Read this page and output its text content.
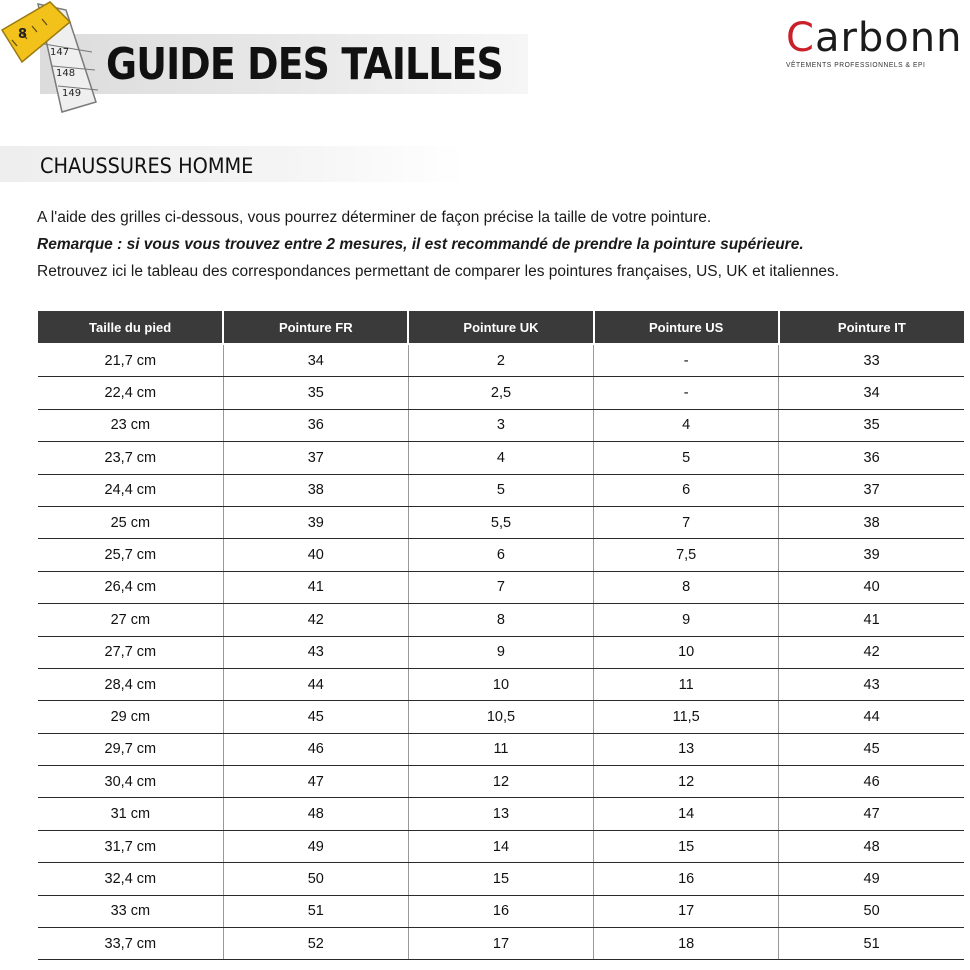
8
147
148
149
GUIDE DES TAILLES
Carbonn
VÊTEMENTS PROFESSIONNELS & EPI
CHAUSSURES HOMME
A l'aide des grilles ci-dessous, vous pourrez déterminer de façon précise la taille de votre pointure.
Remarque : si vous vous trouvez entre 2 mesures, il est recommandé de prendre la pointure supérieure.
Retrouvez ici le tableau des correspondances permettant de comparer les pointures françaises, US, UK et italiennes.
Taille du pied	Pointure FR	Pointure UK	Pointure US	Pointure IT
21,7 cm	34	2	-	33
22,4 cm	35	2,5	-	34
23 cm	36	3	4	35
23,7 cm	37	4	5	36
24,4 cm	38	5	6	37
25 cm	39	5,5	7	38
25,7 cm	40	6	7,5	39
26,4 cm	41	7	8	40
27 cm	42	8	9	41
27,7 cm	43	9	10	42
28,4 cm	44	10	11	43
29 cm	45	10,5	11,5	44
29,7 cm	46	11	13	45
30,4 cm	47	12	12	46
31 cm	48	13	14	47
31,7 cm	49	14	15	48
32,4 cm	50	15	16	49
33 cm	51	16	17	50
33,7 cm	52	17	18	51
